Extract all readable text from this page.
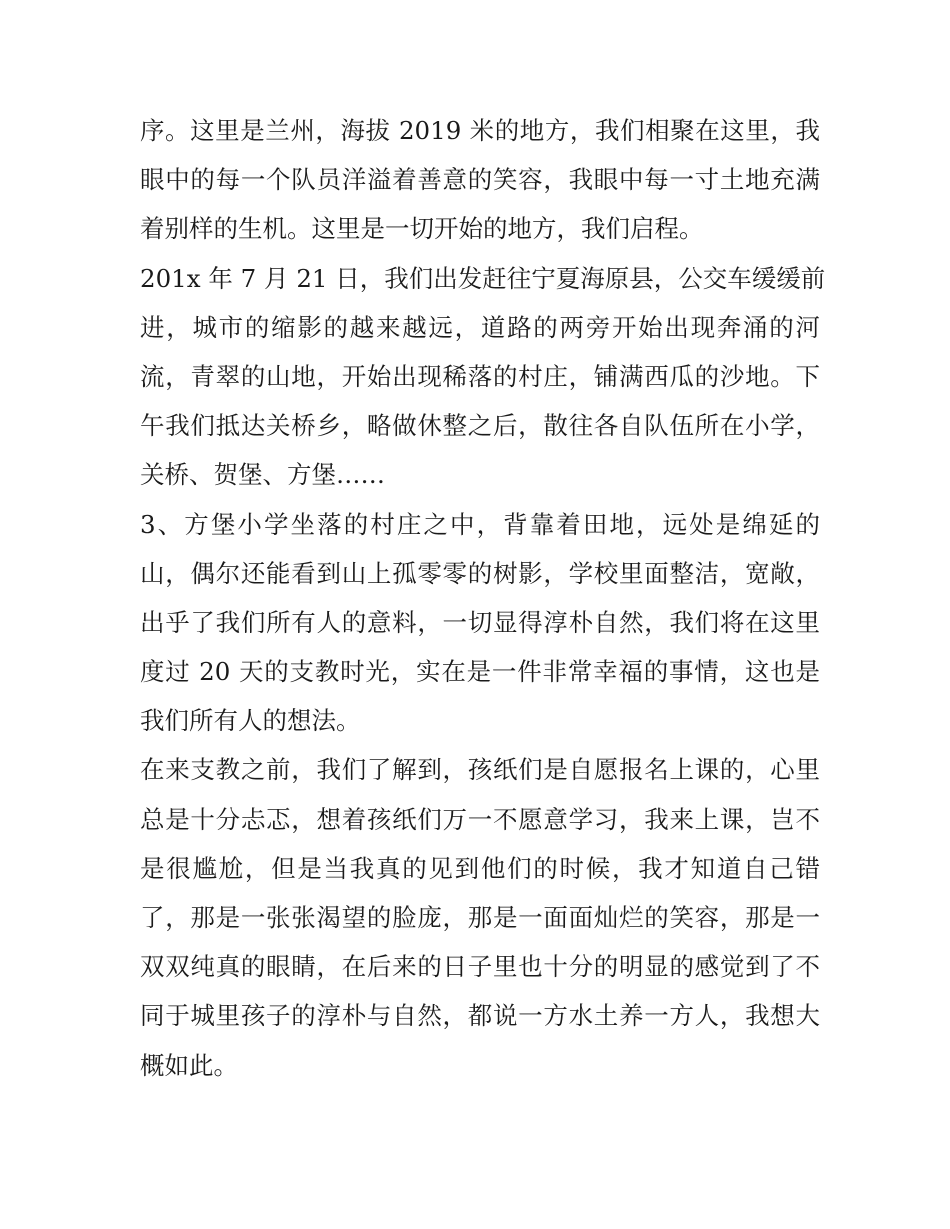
序。这里是兰州，海拔 2019 米的地方，我们相聚在这里，我
眼中的每一个队员洋溢着善意的笑容，我眼中每一寸土地充满
着别样的生机。这里是一切开始的地方，我们启程。
201x 年 7 月 21 日，我们出发赶往宁夏海原县，公交车缓缓前
进，城市的缩影的越来越远，道路的两旁开始出现奔涌的河
流，青翠的山地，开始出现稀落的村庄，铺满西瓜的沙地。下
午我们抵达关桥乡，略做休整之后，散往各自队伍所在小学，
关桥、贺堡、方堡……
3、方堡小学坐落的村庄之中，背靠着田地，远处是绵延的
山，偶尔还能看到山上孤零零的树影，学校里面整洁，宽敞，
出乎了我们所有人的意料，一切显得淳朴自然，我们将在这里
度过 20 天的支教时光，实在是一件非常幸福的事情，这也是
我们所有人的想法。
在来支教之前，我们了解到，孩纸们是自愿报名上课的，心里
总是十分忐忑，想着孩纸们万一不愿意学习，我来上课，岂不
是很尴尬，但是当我真的见到他们的时候，我才知道自己错
了，那是一张张渴望的脸庞，那是一面面灿烂的笑容，那是一
双双纯真的眼睛，在后来的日子里也十分的明显的感觉到了不
同于城里孩子的淳朴与自然，都说一方水土养一方人，我想大
概如此。
